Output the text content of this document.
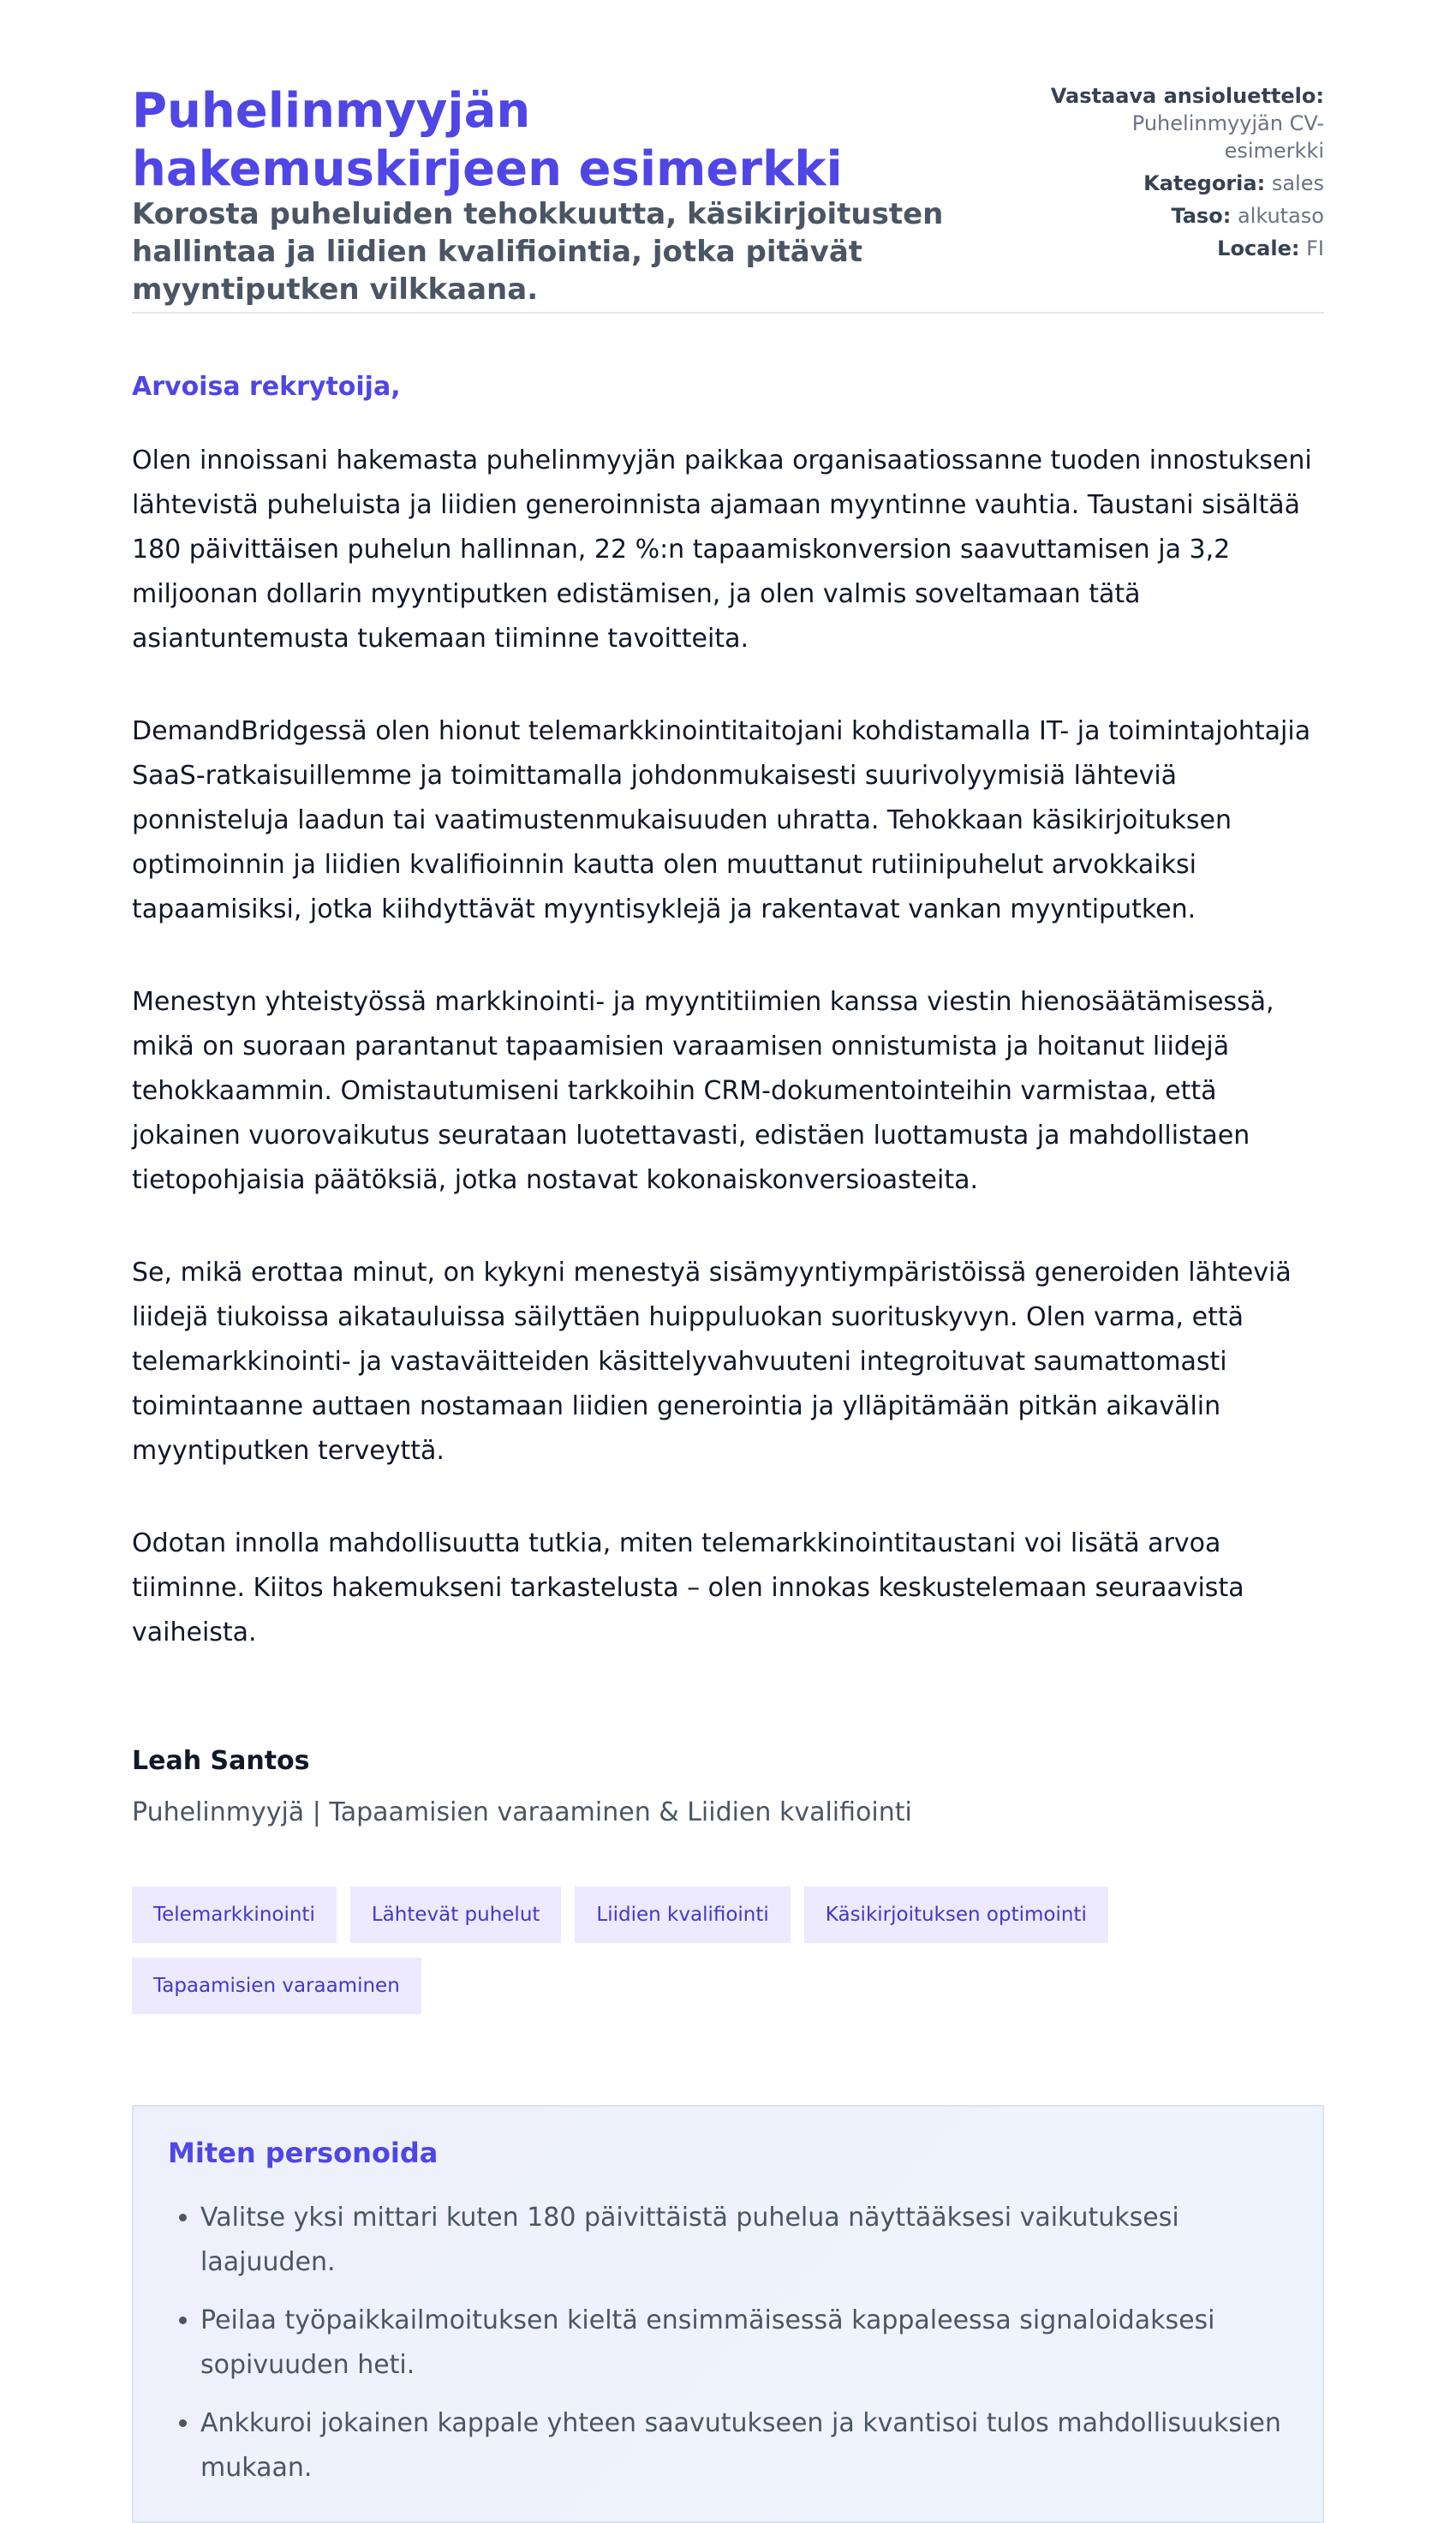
Puhelinmyyjän hakemuskirjeen esimerkki
Korosta puheluiden tehokkuutta, käsikirjoitusten hallintaa ja liidien kvalifiointia, jotka pitävät myyntiputken vilkkaana.
Vastaava ansioluettelo:
Puhelinmyyjän CV-esimerkki
Kategoria: sales
Taso: alkutaso
Locale: FI

Arvoisa rekrytoija,

Olen innoissani hakemasta puhelinmyyjän paikkaa organisaatiossanne tuoden innostukseni lähtevistä puheluista ja liidien generoinnista ajamaan myyntinne vauhtia. Taustani sisältää 180 päivittäisen puhelun hallinnan, 22 %:n tapaamiskonversion saavuttamisen ja 3,2 miljoonan dollarin myyntiputken edistämisen, ja olen valmis soveltamaan tätä asiantuntemusta tukemaan tiiminne tavoitteita.

DemandBridgessä olen hionut telemarkkinointitaitojani kohdistamalla IT- ja toimintajohtajia SaaS-ratkaisuillemme ja toimittamalla johdonmukaisesti suurivolyymisiä lähteviä ponnisteluja laadun tai vaatimustenmukaisuuden uhratta. Tehokkaan käsikirjoituksen optimoinnin ja liidien kvalifioinnin kautta olen muuttanut rutiinipuhelut arvokkaiksi tapaamisiksi, jotka kiihdyttävät myyntisyklejä ja rakentavat vankan myyntiputken.

Menestyn yhteistyössä markkinointi- ja myyntitiimien kanssa viestin hienosäätämisessä, mikä on suoraan parantanut tapaamisien varaamisen onnistumista ja hoitanut liidejä tehokkaammin. Omistautumiseni tarkkoihin CRM-dokumentointeihin varmistaa, että jokainen vuorovaikutus seurataan luotettavasti, edistäen luottamusta ja mahdollistaen tietopohjaisia päätöksiä, jotka nostavat kokonaiskonversioasteita.

Se, mikä erottaa minut, on kykyni menestyä sisämyyntiympäristöissä generoiden lähteviä liidejä tiukoissa aikatauluissa säilyttäen huippuluokan suorituskyvyn. Olen varma, että telemarkkinointi- ja vastaväitteiden käsittelyvahvuuteni integroituvat saumattomasti toimintaanne auttaen nostamaan liidien generointia ja ylläpitämään pitkän aikavälin myyntiputken terveyttä.

Odotan innolla mahdollisuutta tutkia, miten telemarkkinointitaustani voi lisätä arvoa tiiminne. Kiitos hakemukseni tarkastelusta – olen innokas keskustelemaan seuraavista vaiheista.

Leah Santos

Puhelinmyyjä | Tapaamisien varaaminen & Liidien kvalifiointi

Telemarkkinointi	Lähtevät puhelut	Liidien kvalifiointi	Käsikirjoituksen optimointi
Tapaamisien varaaminen
Miten personoida
• Valitse yksi mittari kuten 180 päivittäistä puhelua näyttääksesi vaikutuksesi laajuuden.
• Peilaa työpaikkailmoituksen kieltä ensimmäisessä kappaleessa signaloidaksesi sopivuuden heti.
• Ankkuroi jokainen kappale yhteen saavutukseen ja kvantisoi tulos mahdollisuuksien mukaan.
